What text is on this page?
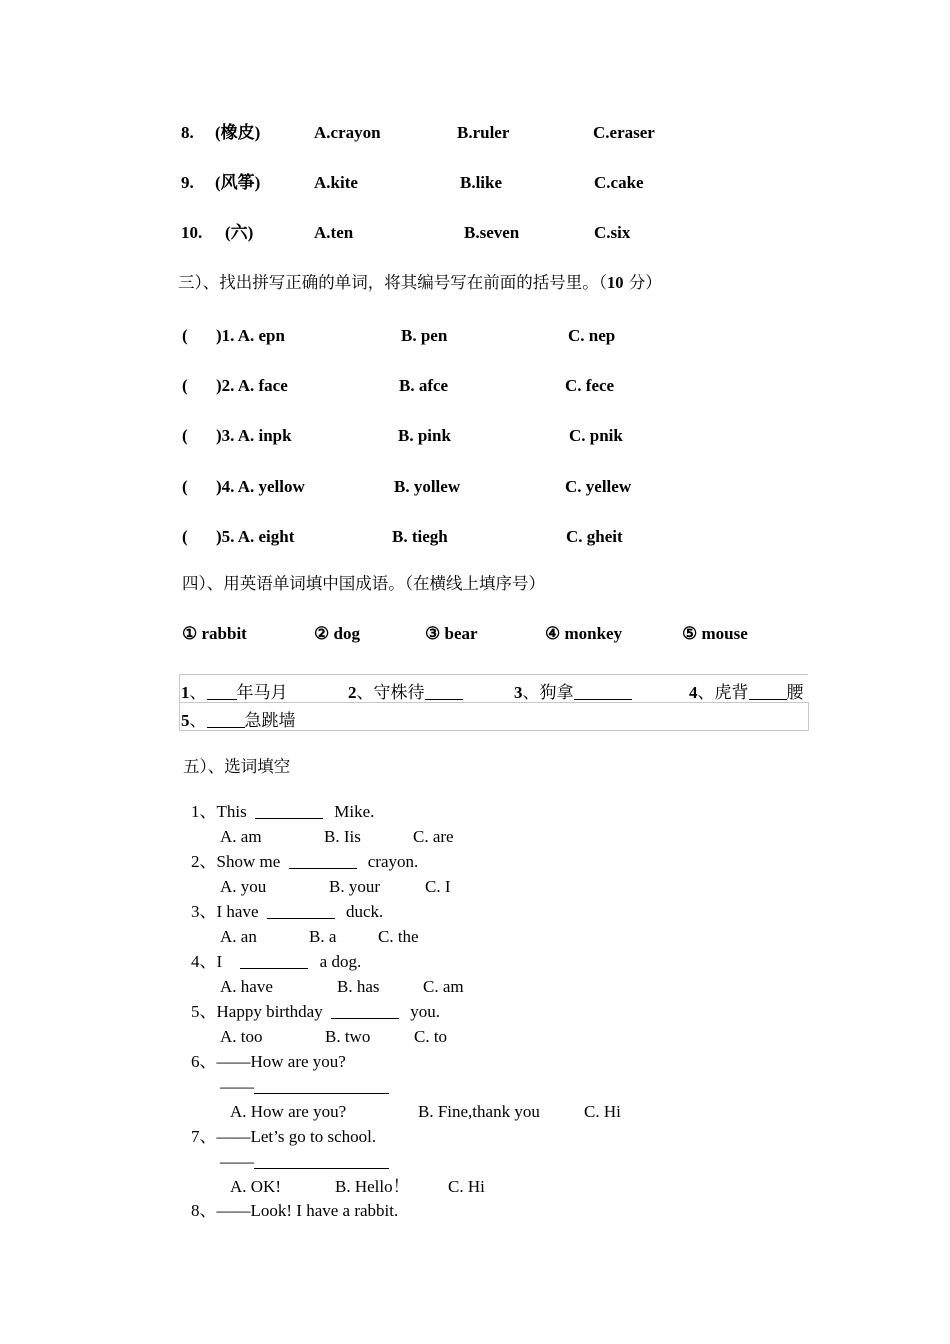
8. (橡皮)	A.crayon	B.ruler	C.eraser
9. (风筝)	A.kite	B.like	C.cake
10. (六)	A.ten	B.seven	C.six
三）、找出拼写正确的单词，将其编号写在前面的括号里。（10 分）
( )1. A. epn	B. pen	C. nep
( )2. A. face	B. afce	C. fece
( )3. A. inpk	B. pink	C. pnik
( )4. A. yellow	B. yollew	C. yellew
( )5. A. eight	B. tiegh	C. gheit
四）、用英语单词填中国成语。（在横线上填序号）
① rabbit	② dog	③ bear	④ monkey	⑤ mouse
1、 年马月	2、守株待	3、狗拿	4、虎背 腰

5、 急跳墙
五）、选词填空
1、This	Mike.
A. am	B. Iis	C. are
2、Show me	crayon.
A. you	B. your	C. I
3、I have	duck.
A. an	B. a C. the
4、I	a dog.
A. have	B. has	C. am
5、Happy birthday	you.
A. too	B. two	C. to
6、——How are you?
——
A. How are you?	B. Fine,thank you	C. Hi
7、——Let’s go to school.
——
A. OK!	B. Hello！ C. Hi
8、——Look! I have a rabbit.
